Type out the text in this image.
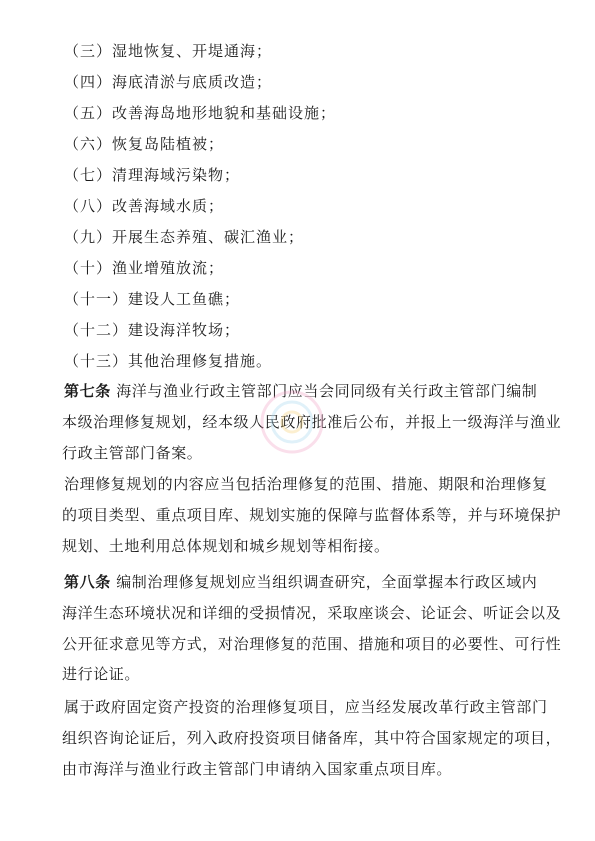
（三）湿地恢复、开堤通海；
（四）海底清淤与底质改造；
（五）改善海岛地形地貌和基础设施；
（六）恢复岛陆植被；
（七）清理海域污染物；
（八）改善海域水质；
（九）开展生态养殖、碳汇渔业；
（十）渔业增殖放流；
（十一）建设人工鱼礁；
（十二）建设海洋牧场；
（十三）其他治理修复措施。
第七条 海洋与渔业行政主管部门应当会同同级有关行政主管部门编制
本级治理修复规划，经本级人民政府批准后公布，并报上一级海洋与渔业
行政主管部门备案。
治理修复规划的内容应当包括治理修复的范围、措施、期限和治理修复
的项目类型、重点项目库、规划实施的保障与监督体系等，并与环境保护
规划、土地利用总体规划和城乡规划等相衔接。
第八条 编制治理修复规划应当组织调查研究，全面掌握本行政区域内
海洋生态环境状况和详细的受损情况，采取座谈会、论证会、听证会以及
公开征求意见等方式，对治理修复的范围、措施和项目的必要性、可行性
进行论证。
属于政府固定资产投资的治理修复项目，应当经发展改革行政主管部门
组织咨询论证后，列入政府投资项目储备库，其中符合国家规定的项目，
由市海洋与渔业行政主管部门申请纳入国家重点项目库。
